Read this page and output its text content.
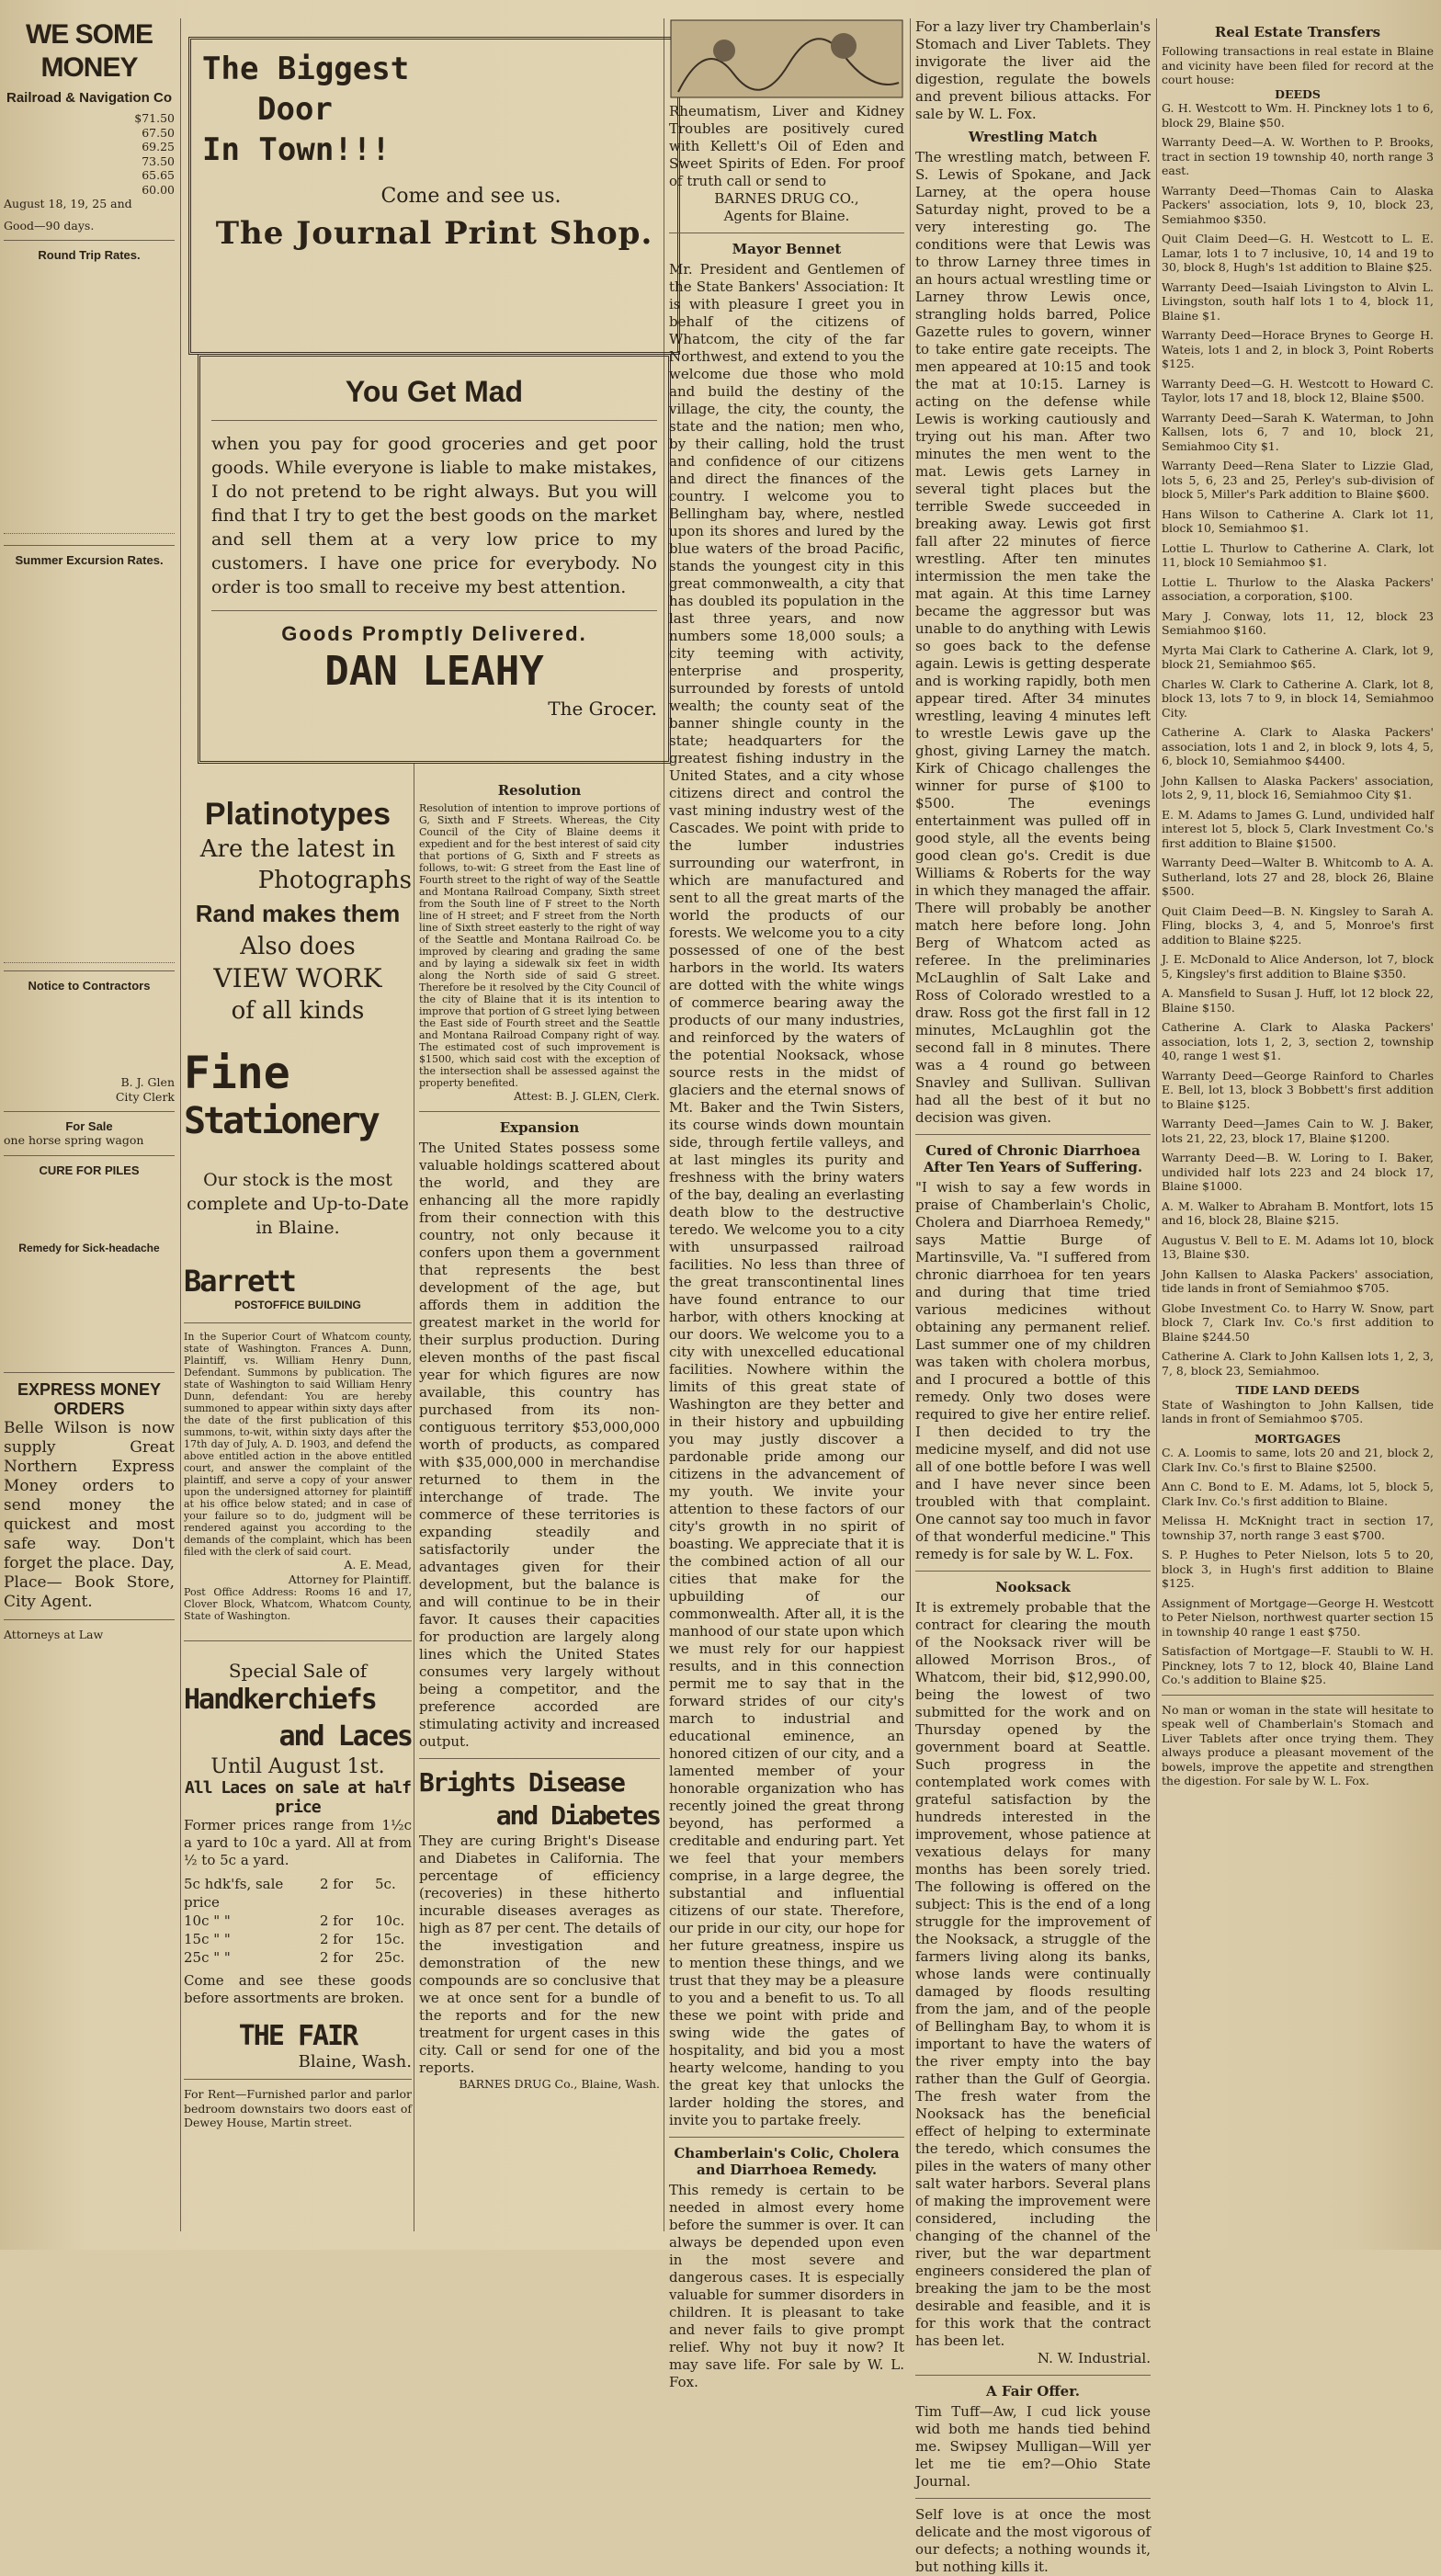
WE SOME MONEY
Railroad & Navigation Co
$71.50
67.50
69.25
73.50
65.65
60.00
August 18, 19, 25 and
Good—90 days.
Round Trip Rates.
Summer Excursion Rates.
Notice to Contractors
B. J. Glen
City Clerk
For Sale
one horse spring wagon
CURE FOR PILES
Remedy for Sick-headache
EXPRESS MONEY ORDERS
Belle Wilson is now supply Great Northern Express Money orders to send money the quickest and most safe way. Don't forget the place. Day, Place— Book Store, City Agent.
Attorneys at Law
The Biggest
Door
In Town!!!
Come and see us.
The Journal Print Shop.
You Get Mad
when you pay for good groceries and get poor goods. While everyone is liable to make mistakes, I do not pretend to be right always. But you will find that I try to get the best goods on the market and sell them at a very low price to my customers. I have one price for everybody. No order is too small to receive my best attention.
Goods Promptly Delivered.
DAN LEAHY
The Grocer.
Platinotypes
Are the latest in
Photographs
Rand makes them
Also does
VIEW WORK
of all kinds
Fine
Stationery
Our stock is the most complete and Up-to-Date in Blaine.
Barrett
POSTOFFICE BUILDING
In the Superior Court of Whatcom county, state of Washington. Frances A. Dunn, Plaintiff, vs. William Henry Dunn, Defendant. Summons by publication. The state of Washington to said William Henry Dunn, defendant: You are hereby summoned to appear within sixty days after the date of the first publication of this summons, to-wit, within sixty days after the 17th day of July, A. D. 1903, and defend the above entitled action in the above entitled court, and answer the complaint of the plaintiff, and serve a copy of your answer upon the undersigned attorney for plaintiff at his office below stated; and in case of your failure so to do, judgment will be rendered against you according to the demands of the complaint, which has been filed with the clerk of said court.
A. E. Mead,
Attorney for Plaintiff.
Post Office Address: Rooms 16 and 17, Clover Block, Whatcom, Whatcom County, State of Washington.
Special Sale of
Handkerchiefs
and Laces
Until August 1st.
All Laces on sale at half price
Former prices range from 1½c a yard to 10c a yard. All at from ½ to 5c a yard.
5c hdk'fs, sale price
2 for	5c.
10c " "	2 for	10c.
15c " "	2 for	15c.
25c " "	2 for	25c.
Come and see these goods before assortments are broken.
THE FAIR
Blaine, Wash.
For Rent—Furnished parlor and parlor bedroom downstairs two doors east of Dewey House, Martin street.
Resolution
Resolution of intention to improve portions of G, Sixth and F Streets. Whereas, the City Council of the City of Blaine deems it expedient and for the best interest of said city that portions of G, Sixth and F streets as follows, to-wit: G street from the East line of Fourth street to the right of way of the Seattle and Montana Railroad Company, Sixth street from the South line of F street to the North line of H street; and F street from the North line of Sixth street easterly to the right of way of the Seattle and Montana Railroad Co. be improved by clearing and grading the same and by laying a sidewalk six feet in width along the North side of said G street. Therefore be it resolved by the City Council of the city of Blaine that it is its intention to improve that portion of G street lying between the East side of Fourth street and the Seattle and Montana Railroad Company right of way. The estimated cost of such improvement is $1500, which said cost with the exception of the intersection shall be assessed against the property benefited.
Attest: B. J. GLEN, Clerk.
Expansion
The United States possess some valuable holdings scattered about the world, and they are enhancing all the more rapidly from their connection with this country, not only because it confers upon them a government that represents the best development of the age, but affords them in addition the greatest market in the world for their surplus production. During eleven months of the past fiscal year for which figures are now available, this country has purchased from its non-contiguous territory $53,000,000 worth of products, as compared with $35,000,000 in merchandise returned to them in the interchange of trade. The commerce of these territories is expanding steadily and satisfactorily under the advantages given for their development, but the balance is and will continue to be in their favor. It causes their capacities for production are largely along lines which the United States consumes very largely without being a competitor, and the preference accorded are stimulating activity and increased output.
Brights Disease
and Diabetes
They are curing Bright's Disease and Diabetes in California. The percentage of efficiency (recoveries) in these hitherto incurable diseases averages as high as 87 per cent. The details of the investigation and demonstration of the new compounds are so conclusive that we at once sent for a bundle of the reports and for the new treatment for urgent cases in this city. Call or send for one of the reports.
BARNES DRUG Co., Blaine, Wash.
Rheumatism, Liver and Kidney Troubles are positively cured with Kellett's Oil of Eden and Sweet Spirits of Eden. For proof of truth call or send to
BARNES DRUG CO.,
Agents for Blaine.
Mayor Bennet
Mr. President and Gentlemen of the State Bankers' Association: It is with pleasure I greet you in behalf of the citizens of Whatcom, the city of the far Northwest, and extend to you the welcome due those who mold and build the destiny of the village, the city, the county, the state and the nation; men who, by their calling, hold the trust and confidence of our citizens and direct the finances of the country. I welcome you to Bellingham bay, where, nestled upon its shores and lured by the blue waters of the broad Pacific, stands the youngest city in this great commonwealth, a city that has doubled its population in the last three years, and now numbers some 18,000 souls; a city teeming with activity, enterprise and prosperity, surrounded by forests of untold wealth; the county seat of the banner shingle county in the state; headquarters for the greatest fishing industry in the United States, and a city whose citizens direct and control the vast mining industry west of the Cascades. We point with pride to the lumber industries surrounding our waterfront, in which are manufactured and sent to all the great marts of the world the products of our forests. We welcome you to a city possessed of one of the best harbors in the world. Its waters are dotted with the white wings of commerce bearing away the products of our many industries, and reinforced by the waters of the potential Nooksack, whose source rests in the midst of glaciers and the eternal snows of Mt. Baker and the Twin Sisters, its course winds down mountain side, through fertile valleys, and at last mingles its purity and freshness with the briny waters of the bay, dealing an everlasting death blow to the destructive teredo. We welcome you to a city with unsurpassed railroad facilities. No less than three of the great transcontinental lines have found entrance to our harbor, with others knocking at our doors. We welcome you to a city with unexcelled educational facilities. Nowhere within the limits of this great state of Washington are they better and in their history and upbuilding you may justly discover a pardonable pride among our citizens in the advancement of my youth. We invite your attention to these factors of our city's growth in no spirit of boasting. We appreciate that it is the combined action of all our cities that make for the upbuilding of our commonwealth. After all, it is the manhood of our state upon which we must rely for our happiest results, and in this connection permit me to say that in the forward strides of our city's march to industrial and educational eminence, an honored citizen of our city, and a lamented member of your honorable organization who has recently joined the great throng beyond, has performed a creditable and enduring part. Yet we feel that your members comprise, in a large degree, the substantial and influential citizens of our state. Therefore, our pride in our city, our hope for her future greatness, inspire us to mention these things, and we trust that they may be a pleasure to you and a benefit to us. To all these we point with pride and swing wide the gates of hospitality, and bid you a most hearty welcome, handing to you the great key that unlocks the larder holding the stores, and invite you to partake freely.
Chamberlain's Colic, Cholera and Diarrhoea Remedy.
This remedy is certain to be needed in almost every home before the summer is over. It can always be depended upon even in the most severe and dangerous cases. It is especially valuable for summer disorders in children. It is pleasant to take and never fails to give prompt relief. Why not buy it now? It may save life. For sale by W. L. Fox.
For a lazy liver try Chamberlain's Stomach and Liver Tablets. They invigorate the liver aid the digestion, regulate the bowels and prevent bilious attacks. For sale by W. L. Fox.
Wrestling Match
The wrestling match, between F. S. Lewis of Spokane, and Jack Larney, at the opera house Saturday night, proved to be a very interesting go. The conditions were that Lewis was to throw Larney three times in an hours actual wrestling time or Larney throw Lewis once, strangling holds barred, Police Gazette rules to govern, winner to take entire gate receipts. The men appeared at 10:15 and took the mat at 10:15. Larney is acting on the defense while Lewis is working cautiously and trying out his man. After two minutes the men went to the mat. Lewis gets Larney in several tight places but the terrible Swede succeeded in breaking away. Lewis got first fall after 22 minutes of fierce wrestling. After ten minutes intermission the men take the mat again. At this time Larney became the aggressor but was unable to do anything with Lewis so goes back to the defense again. Lewis is getting desperate and is working rapidly, both men appear tired. After 34 minutes wrestling, leaving 4 minutes left to wrestle Lewis gave up the ghost, giving Larney the match. Kirk of Chicago challenges the winner for purse of $100 to $500. The evenings entertainment was pulled off in good style, all the events being good clean go's. Credit is due Williams & Roberts for the way in which they managed the affair. There will probably be another match here before long. John Berg of Whatcom acted as referee. In the preliminaries McLaughlin of Salt Lake and Ross of Colorado wrestled to a draw. Ross got the first fall in 12 minutes, McLaughlin got the second fall in 8 minutes. There was a 4 round go between Snavley and Sullivan. Sullivan had all the best of it but no decision was given.
Cured of Chronic Diarrhoea After Ten Years of Suffering.
"I wish to say a few words in praise of Chamberlain's Cholic, Cholera and Diarrhoea Remedy," says Mattie Burge of Martinsville, Va. "I suffered from chronic diarrhoea for ten years and during that time tried various medicines without obtaining any permanent relief. Last summer one of my children was taken with cholera morbus, and I procured a bottle of this remedy. Only two doses were required to give her entire relief. I then decided to try the medicine myself, and did not use all of one bottle before I was well and I have never since been troubled with that complaint. One cannot say too much in favor of that wonderful medicine." This remedy is for sale by W. L. Fox.
Nooksack
It is extremely probable that the contract for clearing the mouth of the Nooksack river will be allowed Morrison Bros., of Whatcom, their bid, $12,990.00, being the lowest of two submitted for the work and on Thursday opened by the government board at Seattle. Such progress in the contemplated work comes with grateful satisfaction by the hundreds interested in the improvement, whose patience at vexatious delays for many months has been sorely tried. The following is offered on the subject: This is the end of a long struggle for the improvement of the Nooksack, a struggle of the farmers living along its banks, whose lands were continually damaged by floods resulting from the jam, and of the people of Bellingham Bay, to whom it is important to have the waters of the river empty into the bay rather than the Gulf of Georgia. The fresh water from the Nooksack has the beneficial effect of helping to exterminate the teredo, which consumes the piles in the waters of many other salt water harbors. Several plans of making the improvement were considered, including the changing of the channel of the river, but the war department engineers considered the plan of breaking the jam to be the most desirable and feasible, and it is for this work that the contract has been let.
N. W. Industrial.
A Fair Offer.
Tim Tuff—Aw, I cud lick youse wid both me hands tied behind me. Swipsey Mulligan—Will yer let me tie em?—Ohio State Journal.
Self love is at once the most delicate and the most vigorous of our defects; a nothing wounds it, but nothing kills it.
Real Estate Transfers
Following transactions in real estate in Blaine and vicinity have been filed for record at the court house:
DEEDS
G. H. Westcott to Wm. H. Pinckney lots 1 to 6, block 29, Blaine $50.
Warranty Deed—A. W. Worthen to P. Brooks, tract in section 19 township 40, north range 3 east.
Warranty Deed—Thomas Cain to Alaska Packers' association, lots 9, 10, block 23, Semiahmoo $350.
Quit Claim Deed—G. H. Westcott to L. E. Lamar, lots 1 to 7 inclusive, 10, 14 and 19 to 30, block 8, Hugh's 1st addition to Blaine $25.
Warranty Deed—Isaiah Livingston to Alvin L. Livingston, south half lots 1 to 4, block 11, Blaine $1.
Warranty Deed—Horace Brynes to George H. Wateis, lots 1 and 2, in block 3, Point Roberts $125.
Warranty Deed—G. H. Westcott to Howard C. Taylor, lots 17 and 18, block 12, Blaine $500.
Warranty Deed—Sarah K. Waterman, to John Kallsen, lots 6, 7 and 10, block 21, Semiahmoo City $1.
Warranty Deed—Rena Slater to Lizzie Glad, lots 5, 6, 23 and 25, Perley's sub-division of block 5, Miller's Park addition to Blaine $600.
Hans Wilson to Catherine A. Clark lot 11, block 10, Semiahmoo $1.
Lottie L. Thurlow to Catherine A. Clark, lot 11, block 10 Semiahmoo $1.
Lottie L. Thurlow to the Alaska Packers' association, a corporation, $100.
Mary J. Conway, lots 11, 12, block 23 Semiahmoo $160.
Myrta Mai Clark to Catherine A. Clark, lot 9, block 21, Semiahmoo $65.
Charles W. Clark to Catherine A. Clark, lot 8, block 13, lots 7 to 9, in block 14, Semiahmoo City.
Catherine A. Clark to Alaska Packers' association, lots 1 and 2, in block 9, lots 4, 5, 6, block 10, Semiahmoo $4400.
John Kallsen to Alaska Packers' association, lots 2, 9, 11, block 16, Semiahmoo City $1.
E. M. Adams to James G. Lund, undivided half interest lot 5, block 5, Clark Investment Co.'s first addition to Blaine $1500.
Warranty Deed—Walter B. Whitcomb to A. A. Sutherland, lots 27 and 28, block 26, Blaine $500.
Quit Claim Deed—B. N. Kingsley to Sarah A. Fling, blocks 3, 4, and 5, Monroe's first addition to Blaine $225.
J. E. McDonald to Alice Anderson, lot 7, block 5, Kingsley's first addition to Blaine $350.
A. Mansfield to Susan J. Huff, lot 12 block 22, Blaine $150.
Catherine A. Clark to Alaska Packers' association, lots 1, 2, 3, section 2, township 40, range 1 west $1.
Warranty Deed—George Rainford to Charles E. Bell, lot 13, block 3 Bobbett's first addition to Blaine $125.
Warranty Deed—James Cain to W. J. Baker, lots 21, 22, 23, block 17, Blaine $1200.
Warranty Deed—B. W. Loring to I. Baker, undivided half lots 223 and 24 block 17, Blaine $1000.
A. M. Walker to Abraham B. Montfort, lots 15 and 16, block 28, Blaine $215.
Augustus V. Bell to E. M. Adams lot 10, block 13, Blaine $30.
John Kallsen to Alaska Packers' association, tide lands in front of Semiahmoo $705.
Globe Investment Co. to Harry W. Snow, part block 7, Clark Inv. Co.'s first addition to Blaine $244.50
Catherine A. Clark to John Kallsen lots 1, 2, 3, 7, 8, block 23, Semiahmoo.
TIDE LAND DEEDS
State of Washington to John Kallsen, tide lands in front of Semiahmoo $705.
MORTGAGES
C. A. Loomis to same, lots 20 and 21, block 2, Clark Inv. Co.'s first to Blaine $2500.
Ann C. Bond to E. M. Adams, lot 5, block 5, Clark Inv. Co.'s first addition to Blaine.
Melissa H. McKnight tract in section 17, township 37, north range 3 east $700.
S. P. Hughes to Peter Nielson, lots 5 to 20, block 3, in Hugh's first addition to Blaine $125.
Assignment of Mortgage—George H. Westcott to Peter Nielson, northwest quarter section 15 in township 40 range 1 east $750.
Satisfaction of Mortgage—F. Staubli to W. H. Pinckney, lots 7 to 12, block 40, Blaine Land Co.'s addition to Blaine $25.
No man or woman in the state will hesitate to speak well of Chamberlain's Stomach and Liver Tablets after once trying them. They always produce a pleasant movement of the bowels, improve the appetite and strengthen the digestion. For sale by W. L. Fox.
